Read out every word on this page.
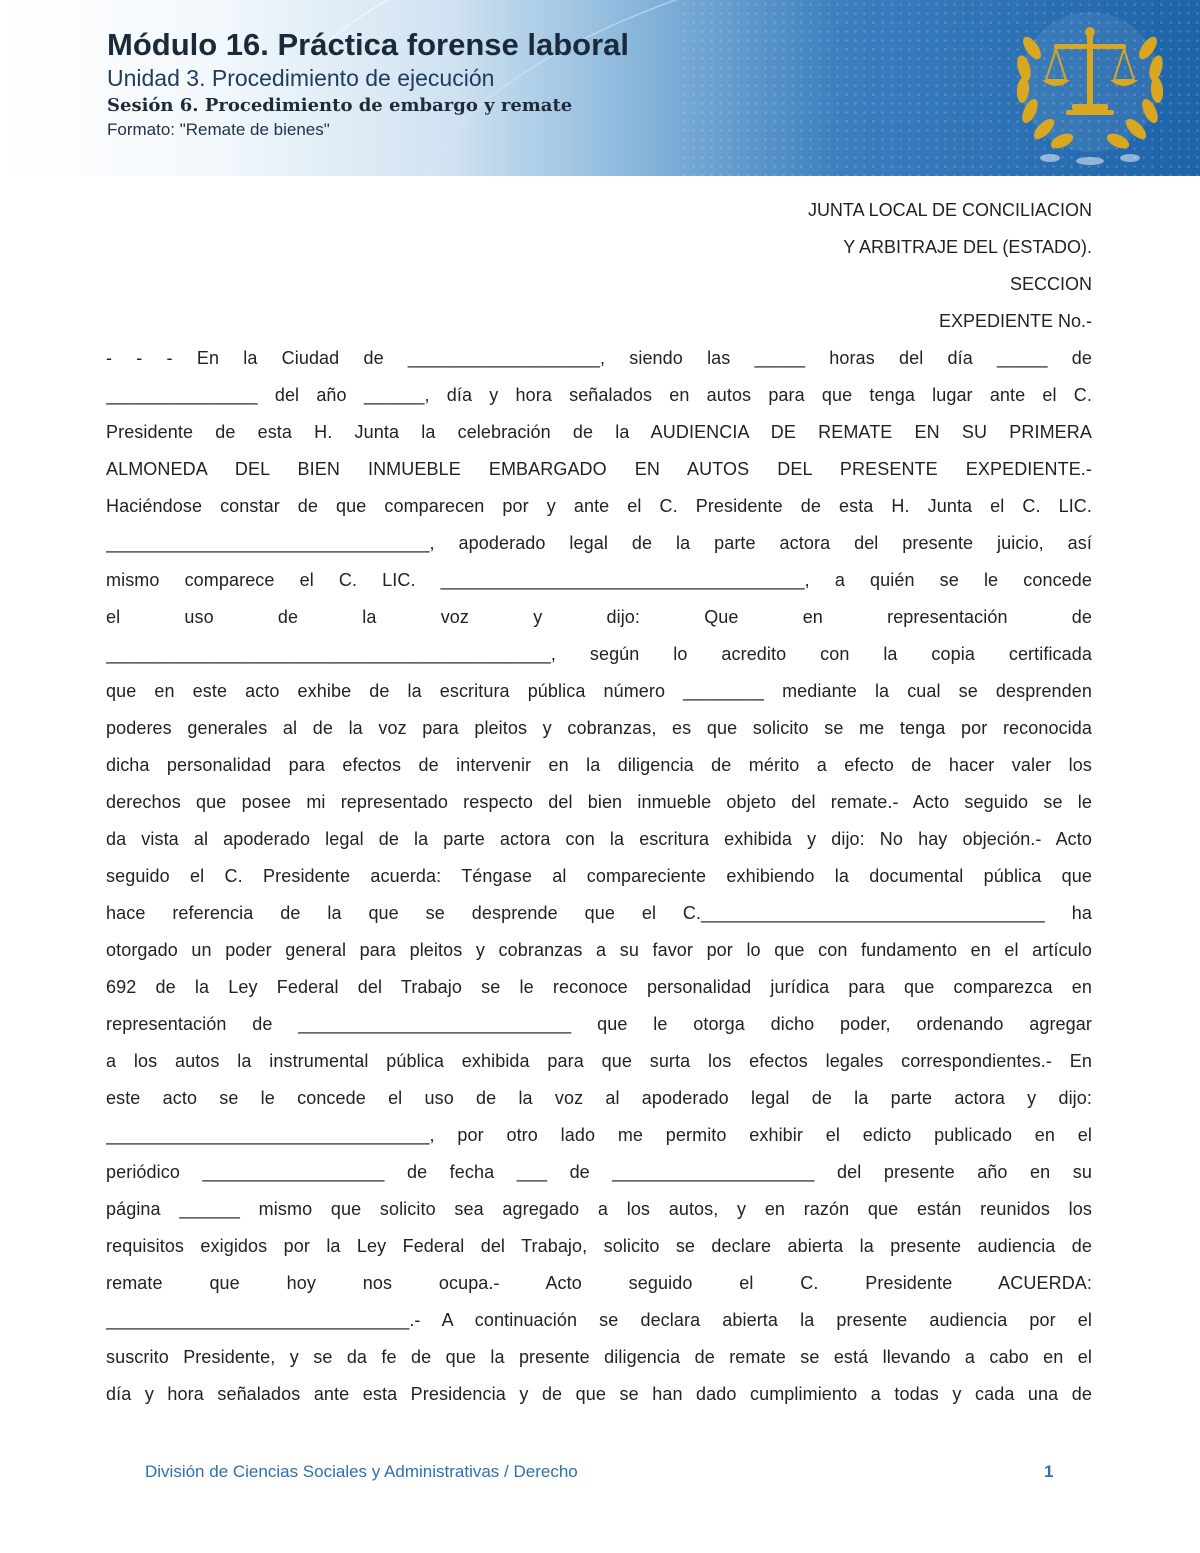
Módulo 16. Práctica forense laboral
Unidad 3. Procedimiento de ejecución
Sesión 6. Procedimiento de embargo y remate
Formato: "Remate de bienes"
JUNTA LOCAL DE CONCILIACION
Y ARBITRAJE DEL (ESTADO).
SECCION
EXPEDIENTE No.-
- - - En la Ciudad de ___________________, siendo las _____ horas del día _____ de
_______________ del año ______, día y hora señalados en autos para que tenga lugar ante el C.
Presidente de esta H. Junta la celebración de la AUDIENCIA DE REMATE EN SU PRIMERA
ALMONEDA DEL BIEN INMUEBLE EMBARGADO EN AUTOS DEL PRESENTE EXPEDIENTE.-
Haciéndose constar de que comparecen por y ante el C. Presidente de esta H. Junta el C. LIC.
________________________________, apoderado legal de la parte actora del presente juicio, así
mismo comparece el C. LIC. ____________________________________, a quién se le concede
el uso de la voz y dijo: Que en representación de
____________________________________________, según lo acredito con la copia certificada
que en este acto exhibe de la escritura pública número ________ mediante la cual se desprenden
poderes generales al de la voz para pleitos y cobranzas, es que solicito se me tenga por reconocida
dicha personalidad para efectos de intervenir en la diligencia de mérito a efecto de hacer valer los
derechos que posee mi representado respecto del bien inmueble objeto del remate.- Acto seguido se le
da vista al apoderado legal de la parte actora con la escritura exhibida y dijo: No hay objeción.- Acto
seguido el C. Presidente acuerda: Téngase al compareciente exhibiendo la documental pública que
hace referencia de la que se desprende que el C.__________________________________ ha
otorgado un poder general para pleitos y cobranzas a su favor por lo que con fundamento en el artículo
692 de la Ley Federal del Trabajo se le reconoce personalidad jurídica para que comparezca en
representación de ___________________________ que le otorga dicho poder, ordenando agregar
a los autos la instrumental pública exhibida para que surta los efectos legales correspondientes.- En
este acto se le concede el uso de la voz al apoderado legal de la parte actora y dijo:
________________________________, por otro lado me permito exhibir el edicto publicado en el
periódico __________________ de fecha ___ de ____________________ del presente año en su
página ______ mismo que solicito sea agregado a los autos, y en razón que están reunidos los
requisitos exigidos por la Ley Federal del Trabajo, solicito se declare abierta la presente audiencia de
remate que hoy nos ocupa.- Acto seguido el C. Presidente ACUERDA:
______________________________.- A continuación se declara abierta la presente audiencia por el
suscrito Presidente, y se da fe de que la presente diligencia de remate se está llevando a cabo en el
día y hora señalados ante esta Presidencia y de que se han dado cumplimiento a todas y cada una de
División de Ciencias Sociales y Administrativas / Derecho	1
